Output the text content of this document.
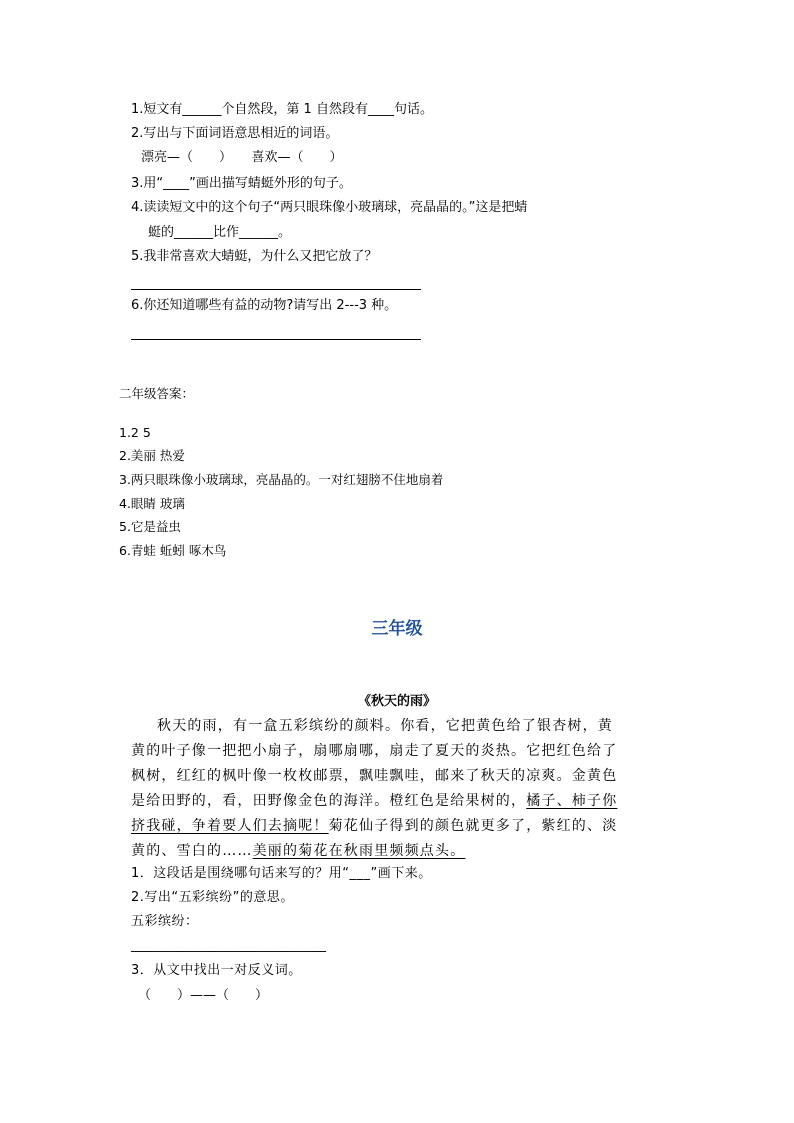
1.短文有______个自然段，第 1 自然段有____句话。
2.写出与下面词语意思相近的词语。
漂亮—（　　）　　喜欢—（　　）
3.用“____”画出描写蜻蜓外形的句子。
4.读读短文中的这个句子“两只眼珠像小玻璃球，亮晶晶的。”这是把蜻
蜓的______比作______。
5.我非常喜欢大蜻蜓，为什么又把它放了？
6.你还知道哪些有益的动物?请写出 2---3 种。
二年级答案：
1.2 5
2.美丽 热爱
3.两只眼珠像小玻璃球，亮晶晶的。一对红翅膀不住地扇着
4.眼睛 玻璃
5.它是益虫
6.青蛙 蚯蚓 啄木鸟
三年级
《秋天的雨》
秋天的雨，有一盒五彩缤纷的颜料。你看，它把黄色给了银杏树，黄
黄的叶子像一把把小扇子，扇哪扇哪，扇走了夏天的炎热。它把红色给了
枫树，红红的枫叶像一枚枚邮票，飘哇飘哇，邮来了秋天的凉爽。金黄色
是给田野的，看，田野像金色的海洋。橙红色是给果树的，橘子、柿子你
挤我碰，争着要人们去摘呢！菊花仙子得到的颜色就更多了，紫红的、淡
黄的、雪白的……美丽的菊花在秋雨里频频点头。
1．这段话是围绕哪句话来写的？用“___”画下来。
2.写出“五彩缤纷”的意思。
五彩缤纷：
______________________________
3．从文中找出一对反义词。
（　　）——（　　）
